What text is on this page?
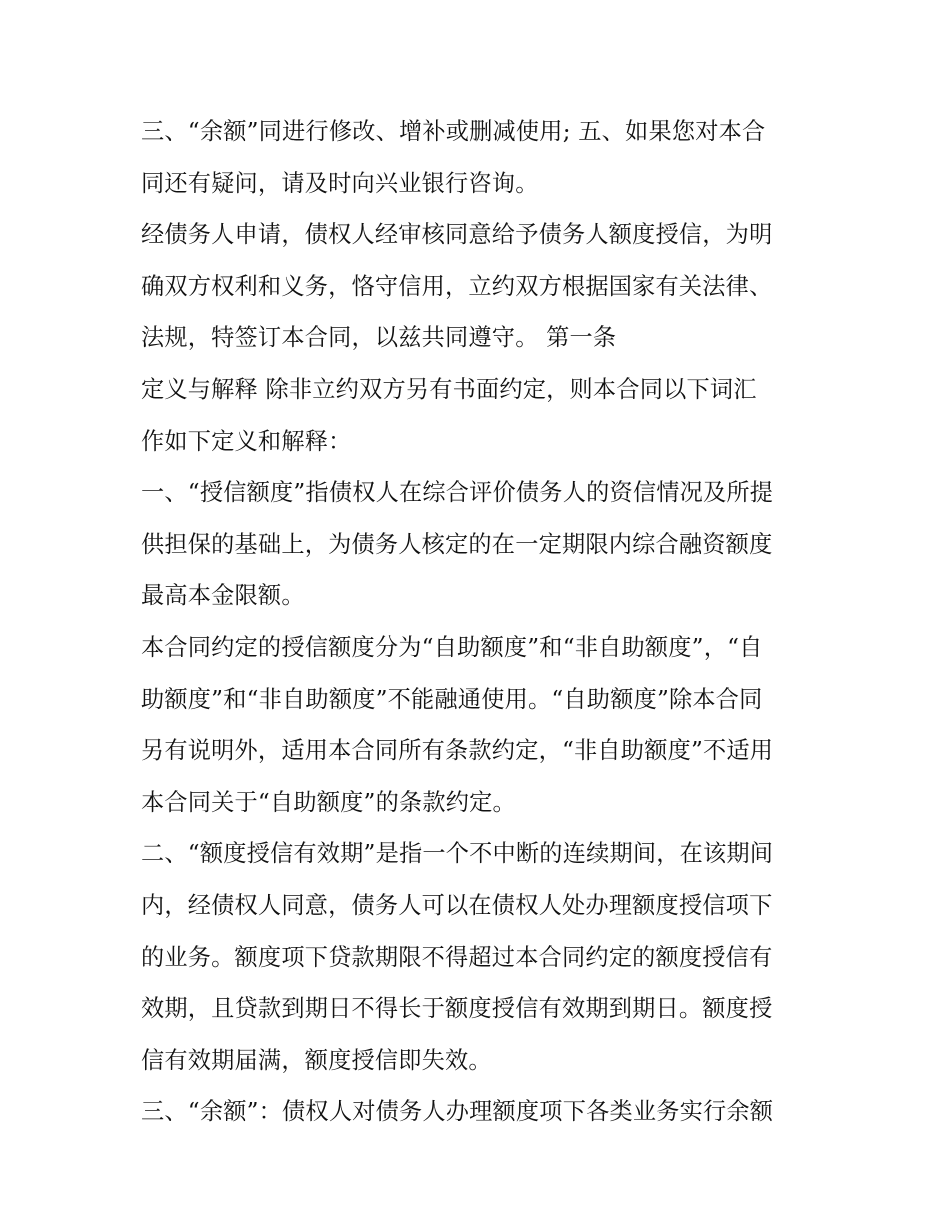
三、“余额”同进行修改、增补或删减使用; 五、如果您对本合
同还有疑问，请及时向兴业银行咨询。
经债务人申请，债权人经审核同意给予债务人额度授信，为明
确双方权利和义务，恪守信用，立约双方根据国家有关法律、
法规，特签订本合同，以兹共同遵守。 第一条
定义与解释 除非立约双方另有书面约定，则本合同以下词汇
作如下定义和解释：
一、“授信额度”指债权人在综合评价债务人的资信情况及所提
供担保的基础上，为债务人核定的在一定期限内综合融资额度
最高本金限额。
本合同约定的授信额度分为“自助额度”和“非自助额度”，“自
助额度”和“非自助额度”不能融通使用。“自助额度”除本合同
另有说明外，适用本合同所有条款约定，“非自助额度”不适用
本合同关于“自助额度”的条款约定。
二、“额度授信有效期”是指一个不中断的连续期间，在该期间
内，经债权人同意，债务人可以在债权人处办理额度授信项下
的业务。额度项下贷款期限不得超过本合同约定的额度授信有
效期，且贷款到期日不得长于额度授信有效期到期日。额度授
信有效期届满，额度授信即失效。
三、“余额”：债权人对债务人办理额度项下各类业务实行余额
